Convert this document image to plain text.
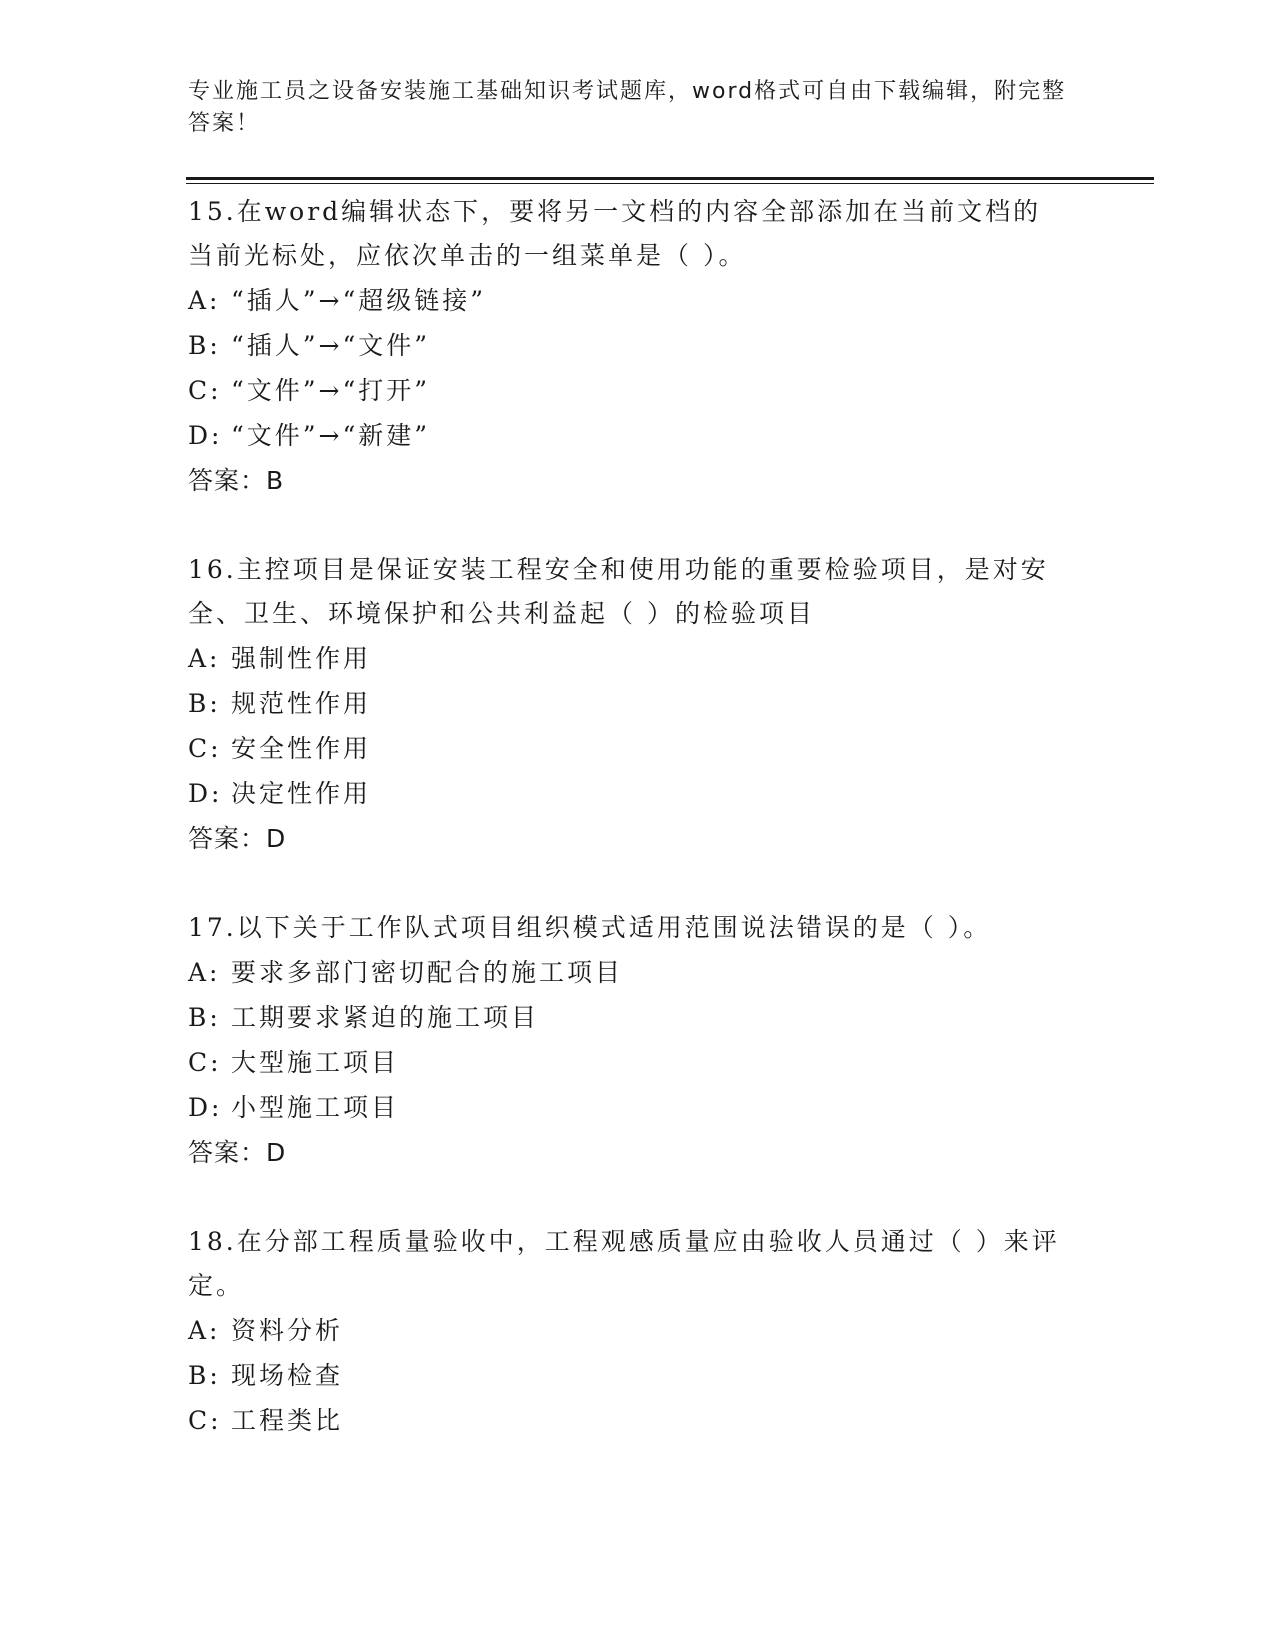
专业施工员之设备安装施工基础知识考试题库，word格式可自由下载编辑，附完整答案！
15.在word编辑状态下，要将另一文档的内容全部添加在当前文档的当前光标处，应依次单击的一组菜单是（ ）。
A: “插人”→“超级链接”
B: “插人”→“文件”
C: “文件”→“打开”
D: “文件”→“新建”
答案：B
16.主控项目是保证安装工程安全和使用功能的重要检验项目，是对安全、卫生、环境保护和公共利益起（ ）的检验项目
A: 强制性作用
B: 规范性作用
C: 安全性作用
D: 决定性作用
答案：D
17.以下关于工作队式项目组织模式适用范围说法错误的是（ ）。
A: 要求多部门密切配合的施工项目
B: 工期要求紧迫的施工项目
C: 大型施工项目
D: 小型施工项目
答案：D
18.在分部工程质量验收中，工程观感质量应由验收人员通过（ ）来评定。
A: 资料分析
B: 现场检查
C: 工程类比
